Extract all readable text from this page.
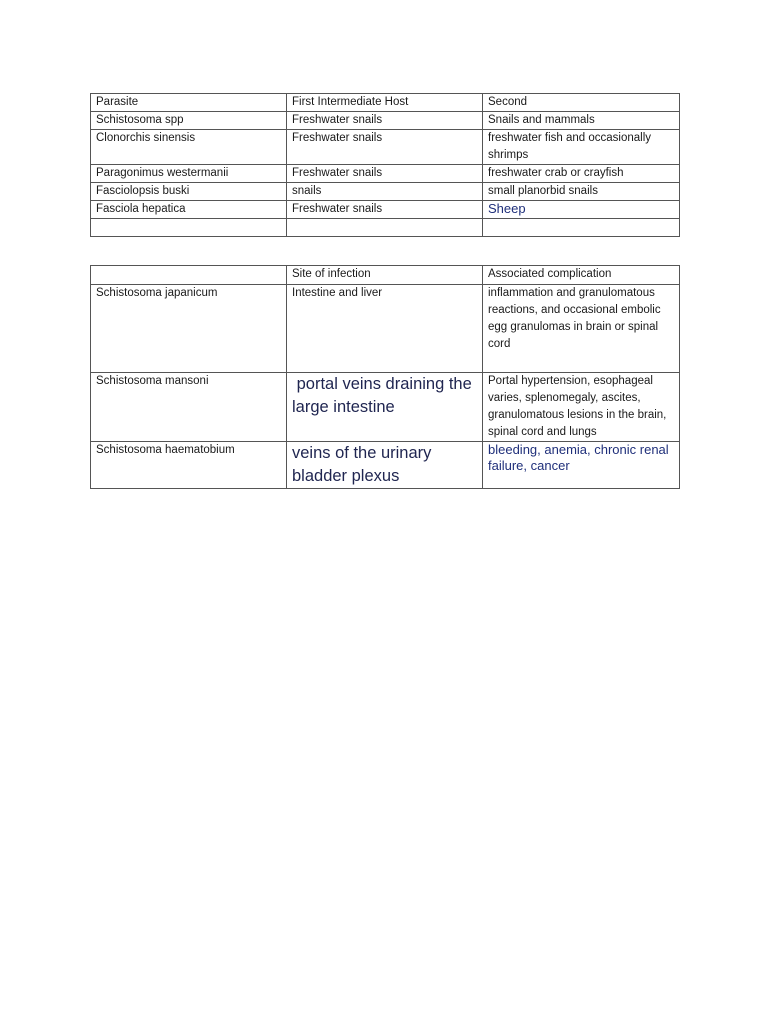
Parasite	First Intermediate Host	Second
Schistosoma spp	Freshwater snails	Snails and mammals
Clonorchis sinensis	Freshwater snails	freshwater fish and occasionally shrimps
Paragonimus westermanii	Freshwater snails	freshwater crab or crayfish
Fasciolopsis buski	snails	small planorbid snails
Fasciola hepatica	Freshwater snails	Sheep

	Site of infection	Associated complication
Schistosoma japanicum	Intestine and liver	inflammation and granulomatous reactions, and occasional embolic egg granulomas in brain or spinal cord
Schistosoma mansoni	portal veins draining the large intestine	Portal hypertension, esophageal varies, splenomegaly, ascites, granulomatous lesions in the brain, spinal cord and lungs
Schistosoma haematobium	veins of the urinary bladder plexus	bleeding, anemia, chronic renal failure, cancer
